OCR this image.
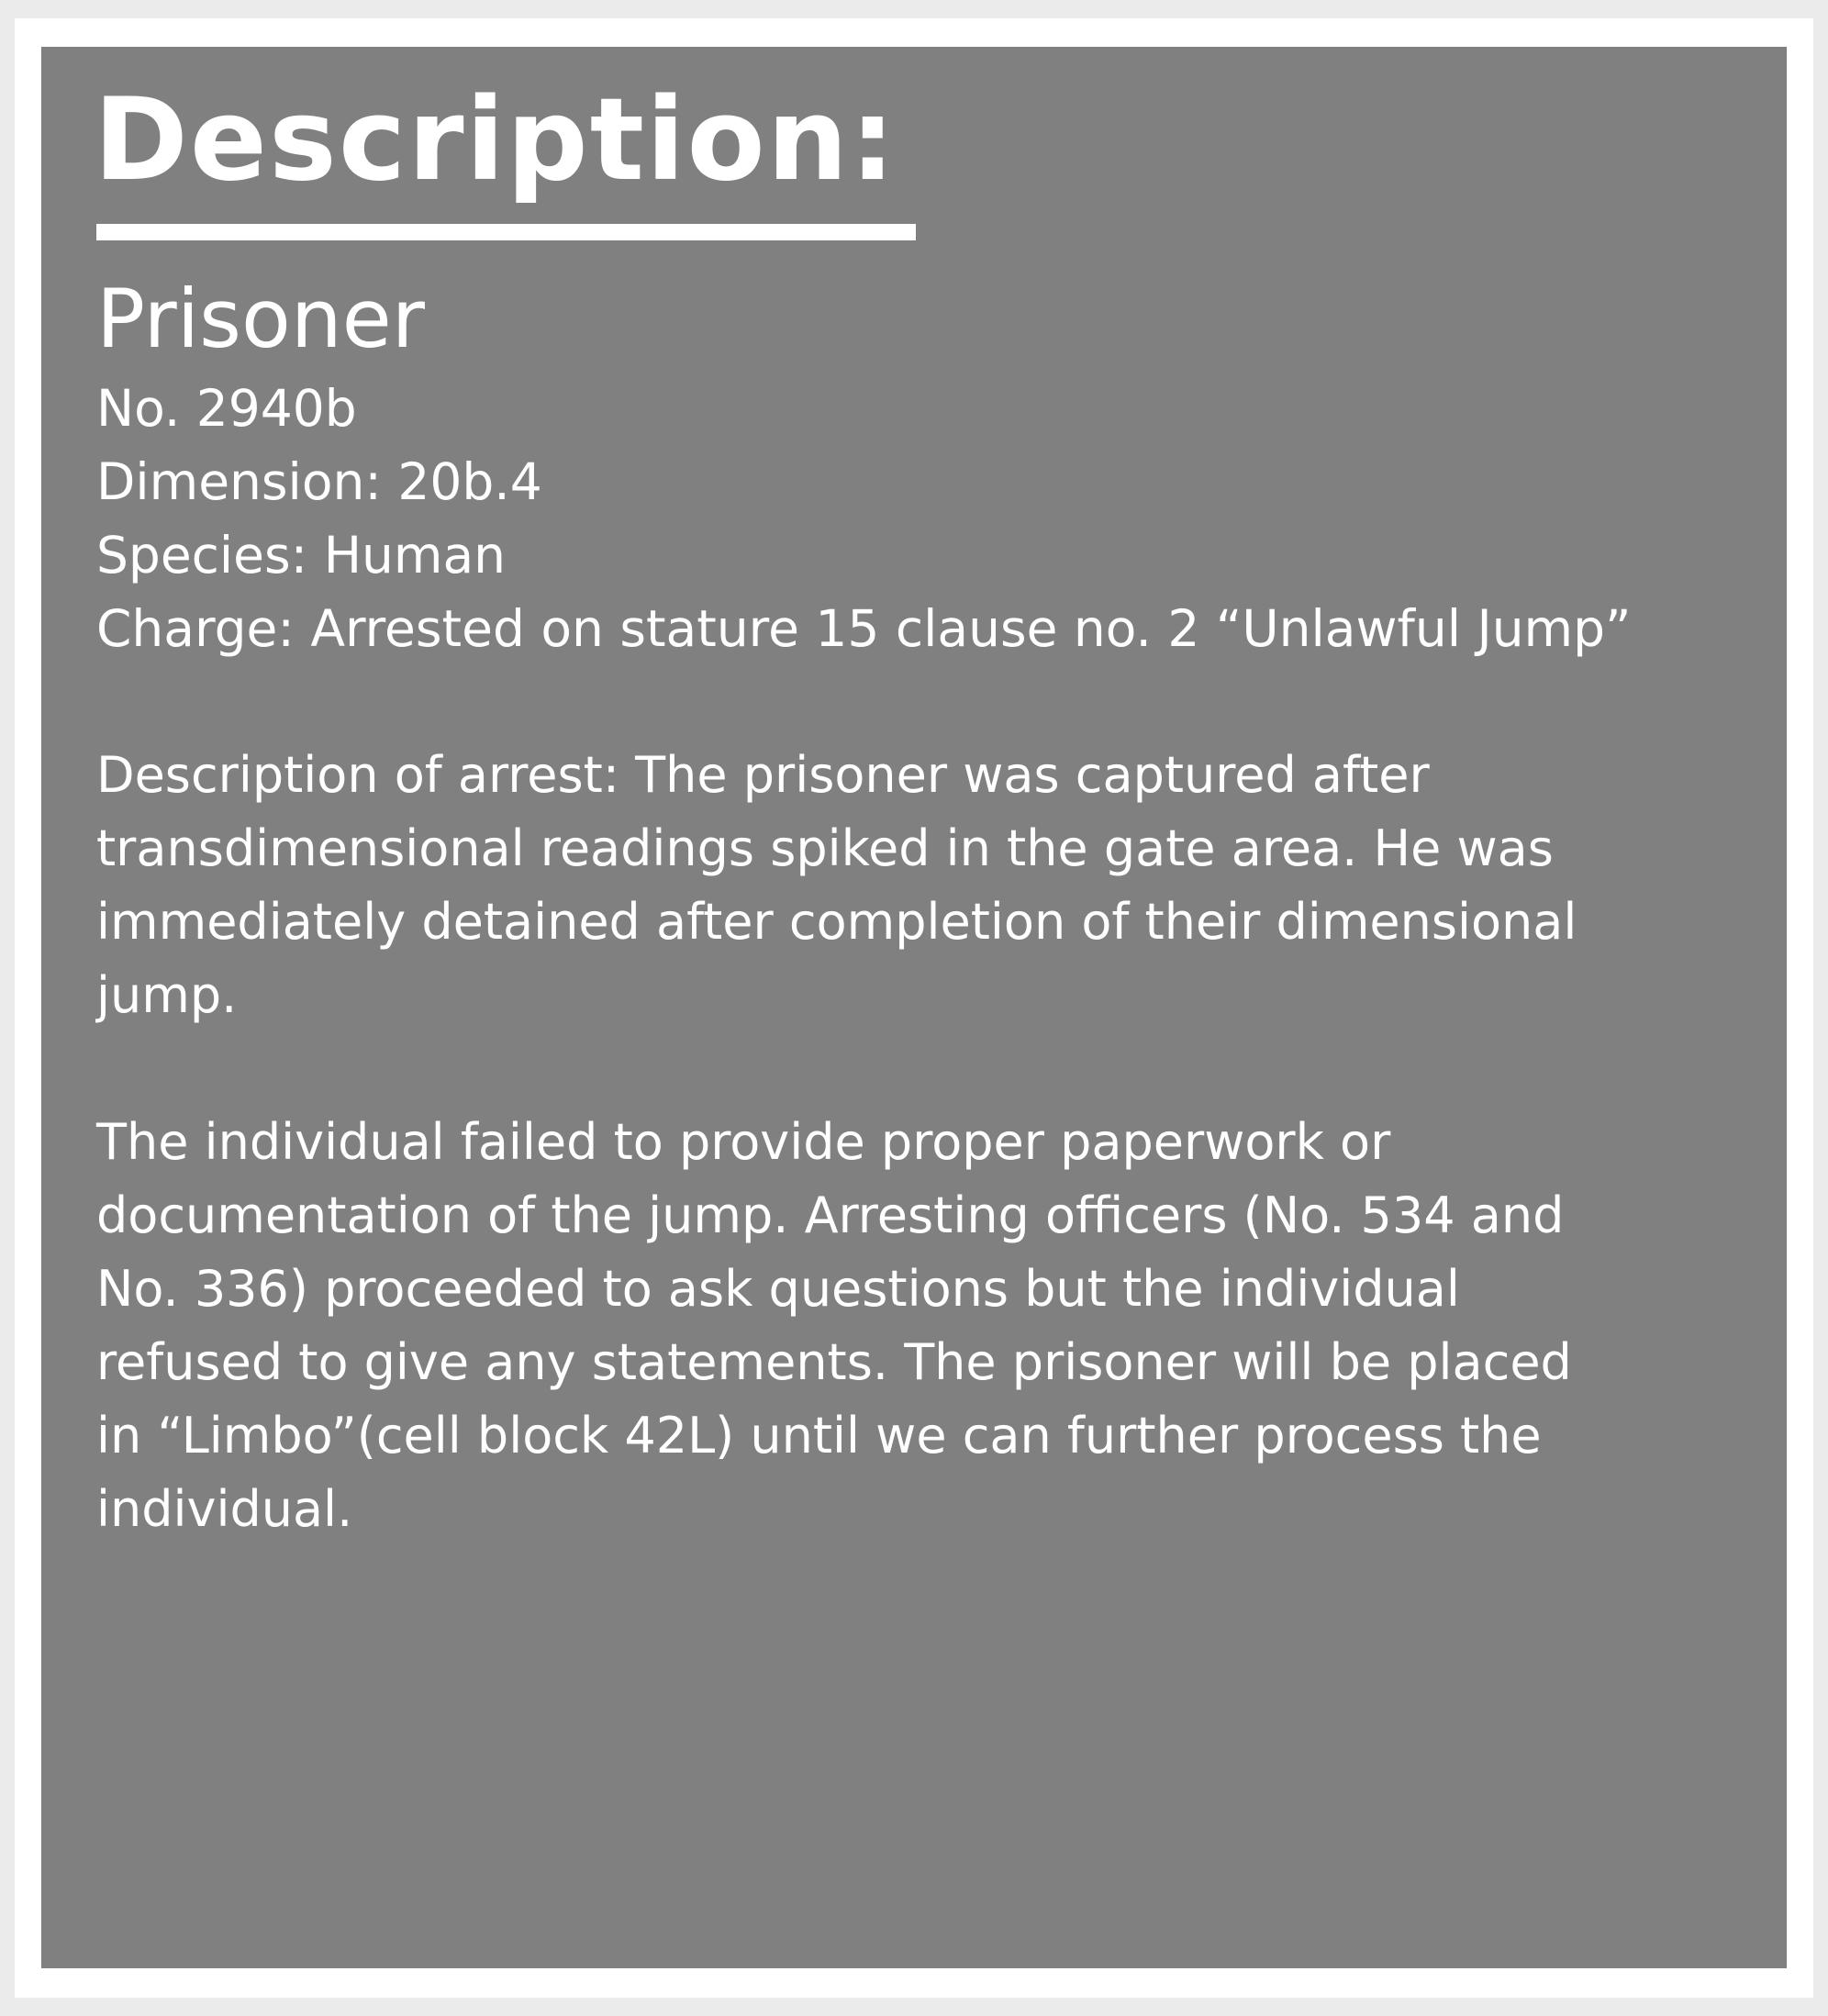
Description:

Prisoner

No. 2940b

Dimension: 20b.4

Species: Human

Charge: Arrested on stature 15 clause no. 2 “Unlawful Jump”

Description of arrest: The prisoner was captured after

transdimensional readings spiked in the gate area. He was

immediately detained after completion of their dimensional

jump.

The individual failed to provide proper paperwork or

documentation of the jump. Arresting officers (No. 534 and

No. 336) proceeded to ask questions but the individual

refused to give any statements. The prisoner will be placed

in “Limbo”(cell block 42L) until we can further process the

individual.
